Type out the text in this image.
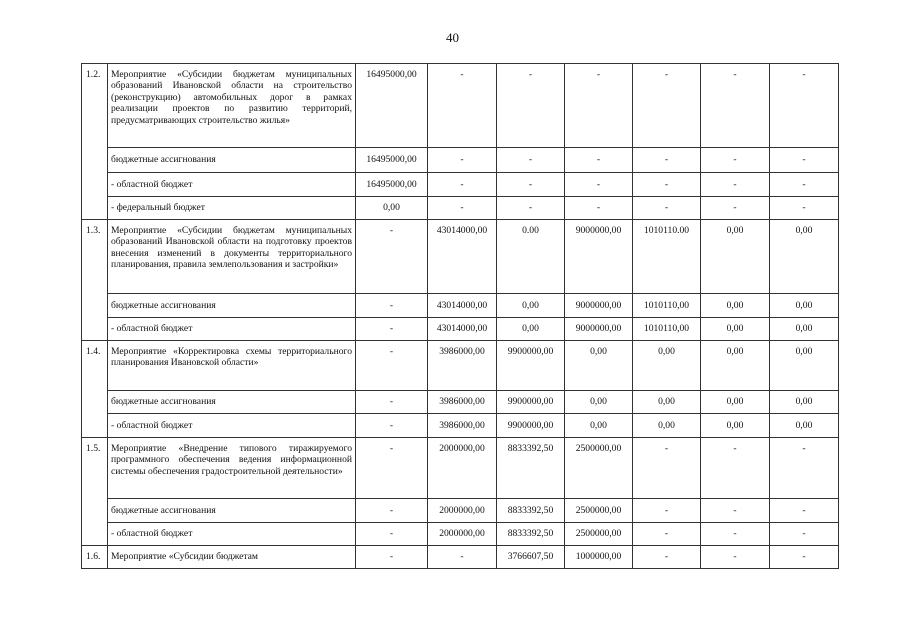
40
1.2.	Мероприятие «Субсидии бюджетам муниципальных образований Ивановской области на строительство (реконструкцию) автомобильных дорог в рамках реализации проектов по развитию территорий, предусматривающих строительство жилья»	16495000,00	-	-	-	-	-	-
	бюджетные ассигнования	16495000,00	-	-	-	-	-	-
	- областной бюджет	16495000,00	-	-	-	-	-	-
	- федеральный бюджет	0,00	-	-	-	-	-	-
1.3.	Мероприятие «Субсидии бюджетам муниципальных образований Ивановской области на подготовку проектов внесения изменений в документы территориального планирования, правила землепользования и застройки»	-	43014000,00	0.00	9000000,00	1010110.00	0,00	0,00
	бюджетные ассигнования	-	43014000,00	0,00	9000000,00	1010110,00	0,00	0,00
	- областной бюджет	-	43014000,00	0,00	9000000,00	1010110,00	0,00	0,00
1.4.	Мероприятие «Корректировка схемы территориального планирования Ивановской области»	-	3986000,00	9900000,00	0,00	0,00	0,00	0,00
	бюджетные ассигнования	-	3986000,00	9900000,00	0,00	0,00	0,00	0,00
	- областной бюджет	-	3986000,00	9900000,00	0,00	0,00	0,00	0,00
1.5.	Мероприятие «Внедрение типового тиражируемого программного обеспечения ведения информационной системы обеспечения градостроительной деятельности»	-	2000000,00	8833392,50	2500000,00	-	-	-
	бюджетные ассигнования	-	2000000,00	8833392,50	2500000,00	-	-	-
	- областной бюджет	-	2000000,00	8833392,50	2500000,00	-	-	-
1.6.	Мероприятие «Субсидии бюджетам	-	-	3766607,50	1000000,00	-	-	-
